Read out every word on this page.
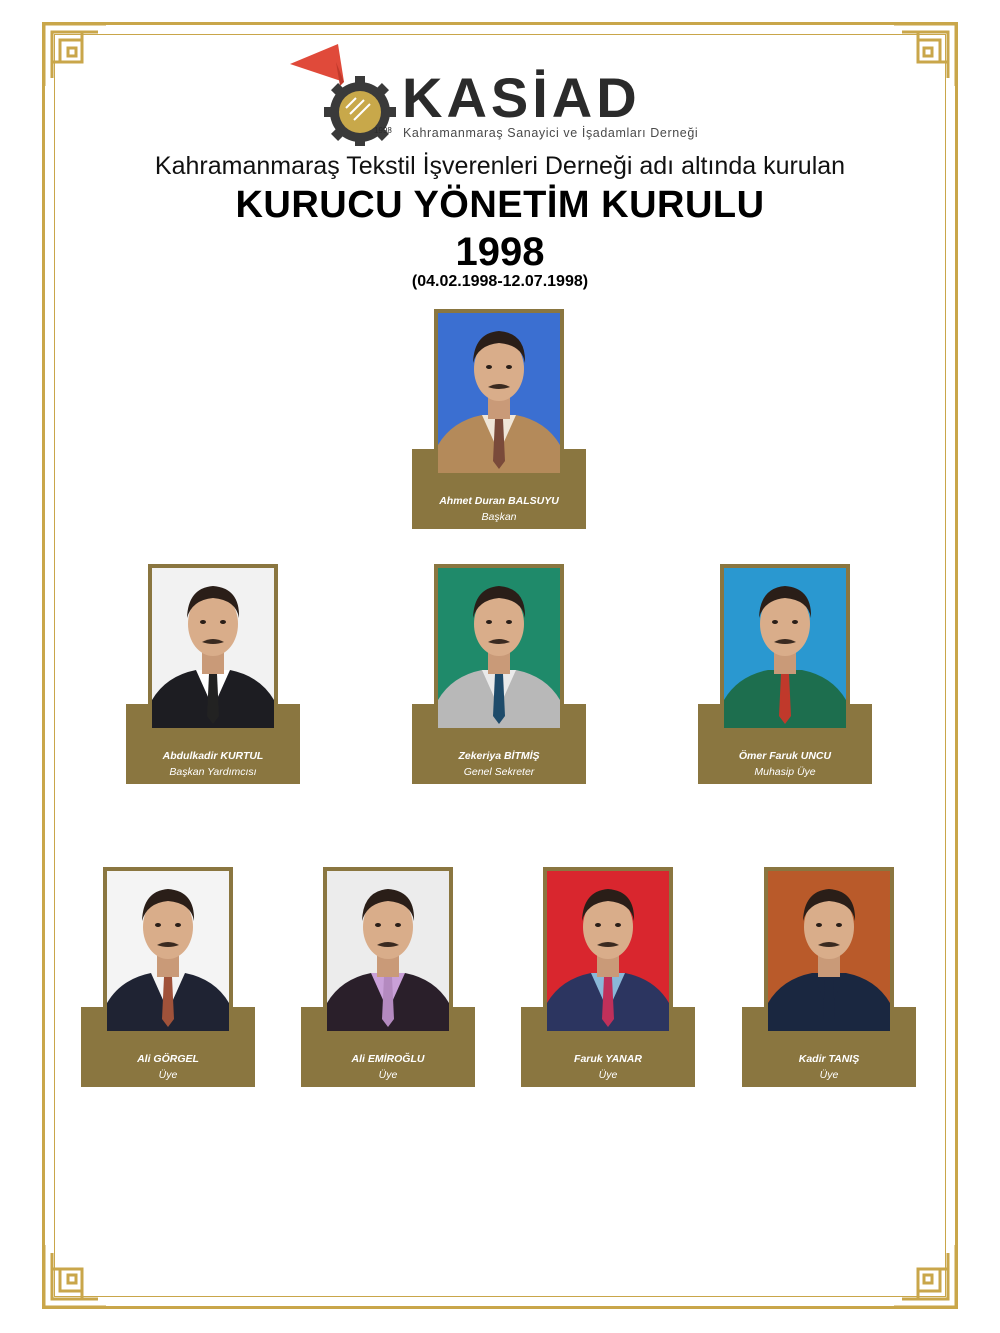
1998
KASİAD
Kahramanmaraş Sanayici ve İşadamları Derneği
Kahramanmaraş Tekstil İşverenleri Derneği adı altında kurulan
KURUCU YÖNETİM KURULU
1998
(04.02.1998-12.07.1998)
Ahmet Duran BALSUYU
Başkan
Abdulkadir KURTUL
Başkan Yardımcısı
Zekeriya BİTMİŞ
Genel Sekreter
Ömer Faruk UNCU
Muhasip Üye
Ali GÖRGEL
Üye
Ali EMİROĞLU
Üye
Faruk YANAR
Üye
Kadir TANIŞ
Üye
